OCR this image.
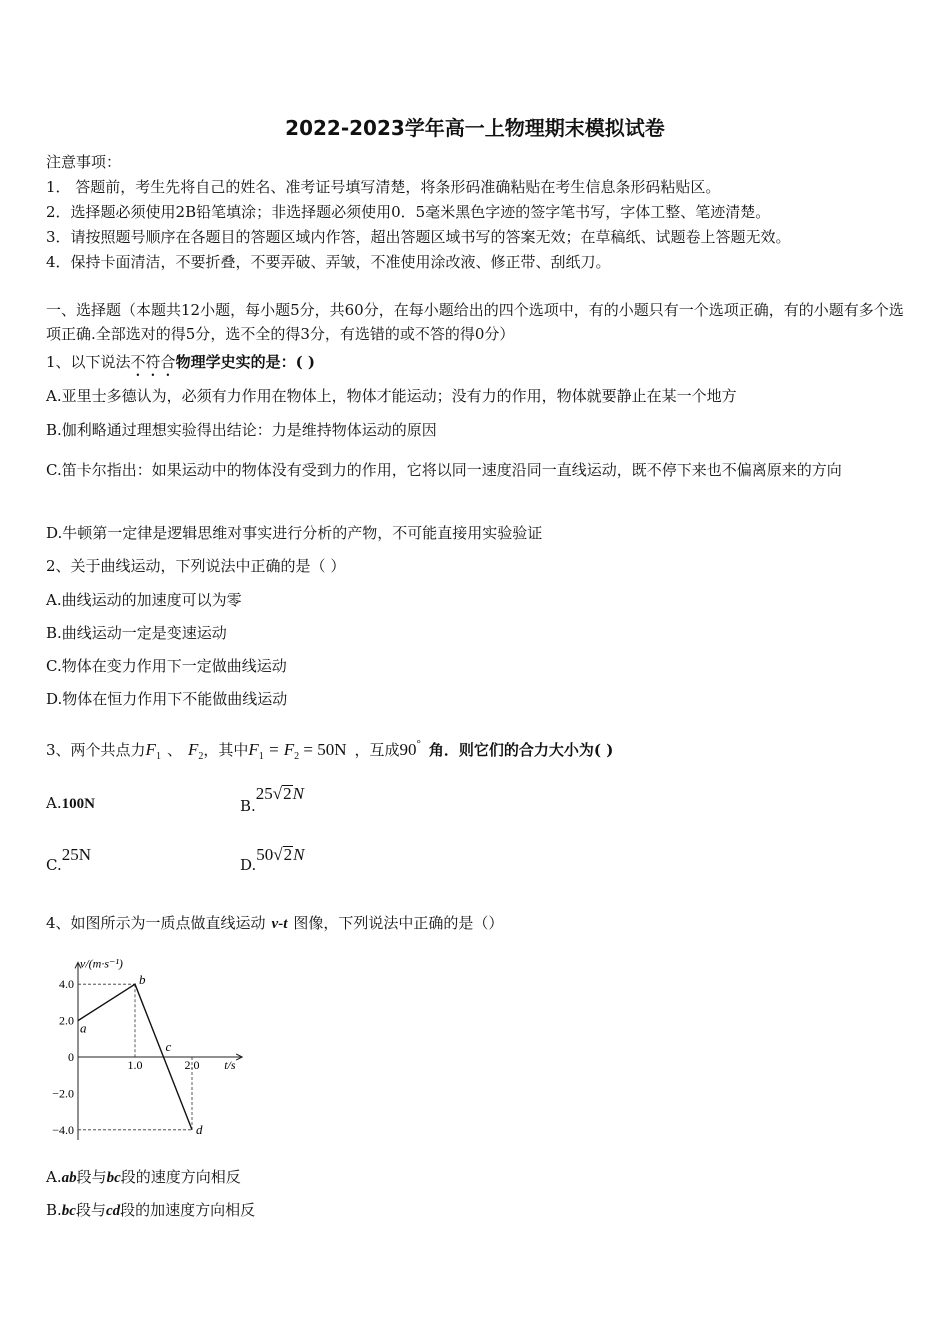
2022-2023学年高一上物理期末模拟试卷
注意事项：
1． 答题前，考生先将自己的姓名、准考证号填写清楚，将条形码准确粘贴在考生信息条形码粘贴区。
2．选择题必须使用2B铅笔填涂；非选择题必须使用0．5毫米黑色字迹的签字笔书写，字体工整、笔迹清楚。
3．请按照题号顺序在各题目的答题区域内作答，超出答题区域书写的答案无效；在草稿纸、试题卷上答题无效。
4．保持卡面清洁，不要折叠，不要弄破、弄皱，不准使用涂改液、修正带、刮纸刀。
一、选择题（本题共12小题，每小题5分，共60分，在每小题给出的四个选项中，有的小题只有一个选项正确，有的小题有多个选项正确.全部选对的得5分，选不全的得3分，有选错的或不答的得0分）
1、以下说法不符合物理学史实的是：( )
A.亚里士多德认为，必须有力作用在物体上，物体才能运动；没有力的作用，物体就要静止在某一个地方
B.伽利略通过理想实验得出结论：力是维持物体运动的原因
C.笛卡尔指出：如果运动中的物体没有受到力的作用，它将以同一速度沿同一直线运动，既不停下来也不偏离原来的方向
D.牛顿第一定律是逻辑思维对事实进行分析的产物，不可能直接用实验验证
2、关于曲线运动，下列说法中正确的是（ ）
A.曲线运动的加速度可以为零
B.曲线运动一定是变速运动
C.物体在变力作用下一定做曲线运动
D.物体在恒力作用下不能做曲线运动
3、两个共点力$F_1$ 、 $F_2$，其中$F_1 = F_2 = 50N$ ，互成90° 角．则它们的合力大小为( )
A.100N	B.25√2N
C.25N
D.50√2N
4、如图所示为一质点做直线运动 v-t 图像，下列说法中正确的是（）
v/(m·s⁻¹)
t/s
4.0
2.0
0
−2.0
−4.0
1.0	2.0
a
b
c
d
A.ab段与bc段的速度方向相反
B.bc段与cd段的加速度方向相反
